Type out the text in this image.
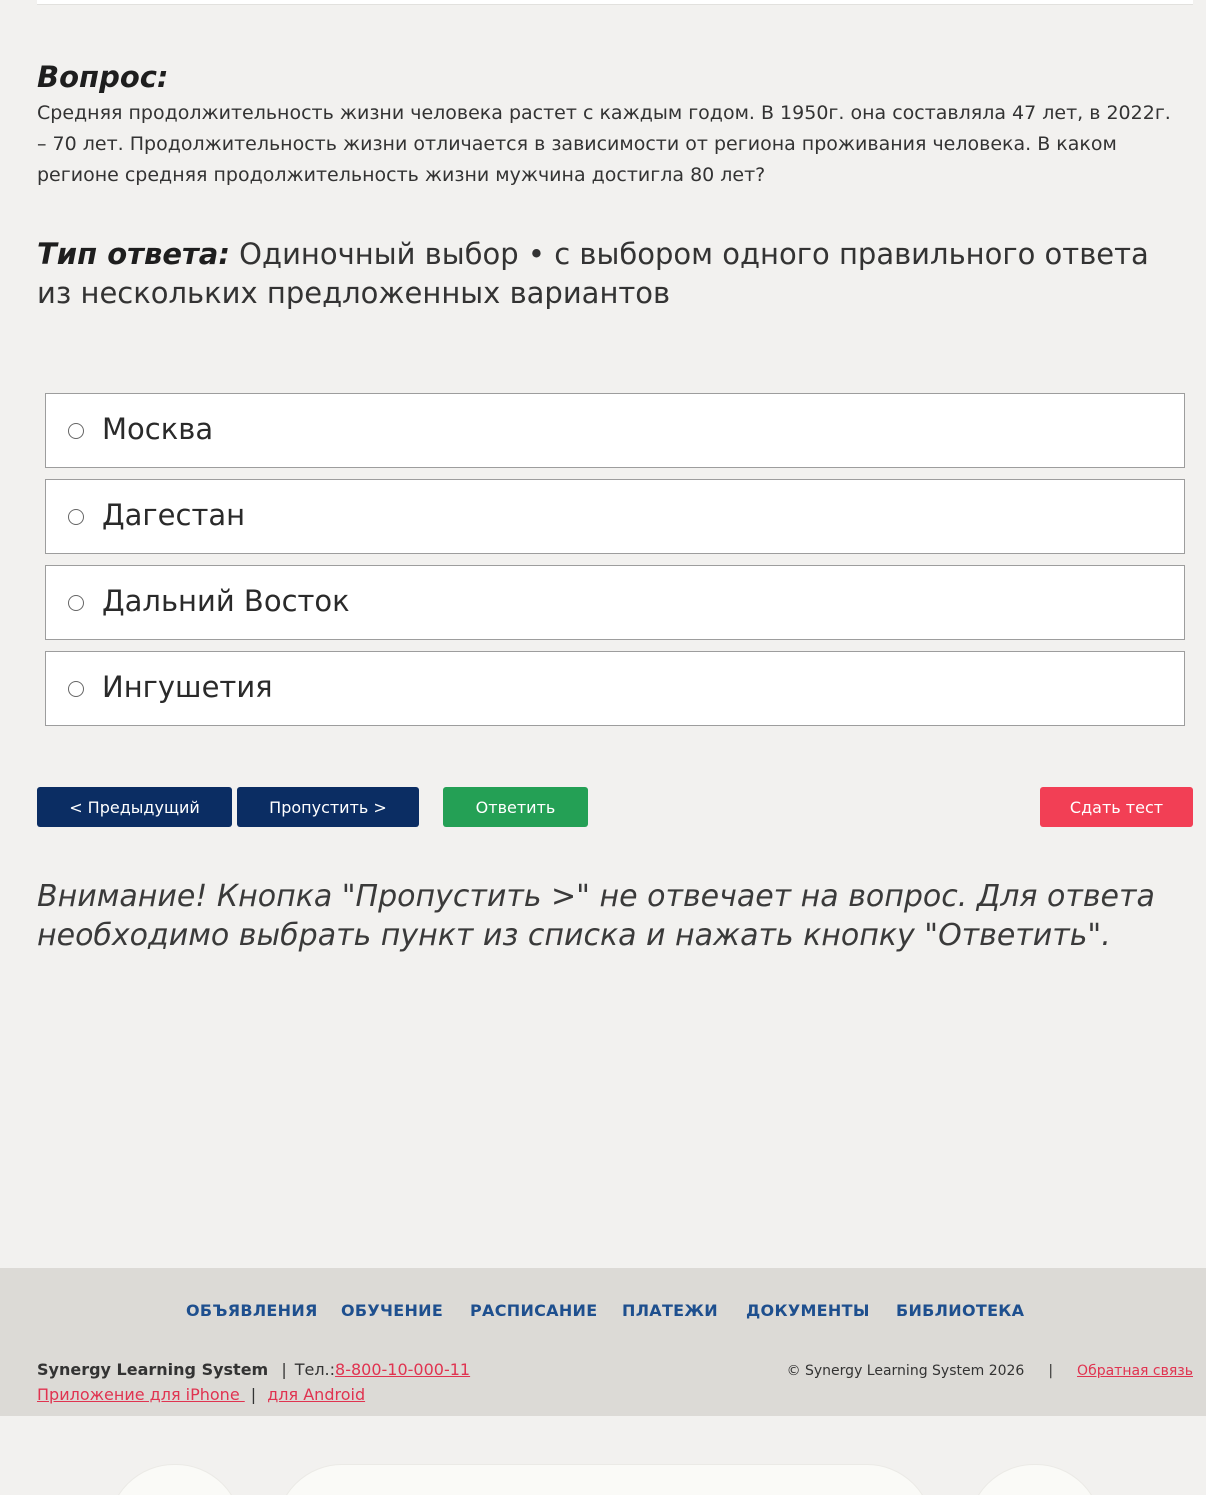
Вопрос:
Средняя продолжительность жизни человека растет с каждым годом. В 1950г. она составляла 47 лет, в 2022г. – 70 лет. Продолжительность жизни отличается в зависимости от региона проживания человека. В каком регионе средняя продолжительность жизни мужчина достигла 80 лет?
Тип ответа: Одиночный выбор • с выбором одного правильного ответа из нескольких предложенных вариантов
Москва
Дагестан
Дальний Восток
Ингушетия
< Предыдущий	Пропустить >	Ответить	Сдать тест
Внимание! Кнопка "Пропустить >" не отвечает на вопрос. Для ответа необходимо выбрать пункт из списка и нажать кнопку "Ответить".
ОБЪЯВЛЕНИЯ ОБУЧЕНИЕ РАСПИСАНИЕ ПЛАТЕЖИ ДОКУМЕНТЫ БИБЛИОТЕКА
Synergy Learning System | Тел.:8-800-10-000-11
Приложение для iPhone | для Android
© Synergy Learning System 2026 | Обратная связь
